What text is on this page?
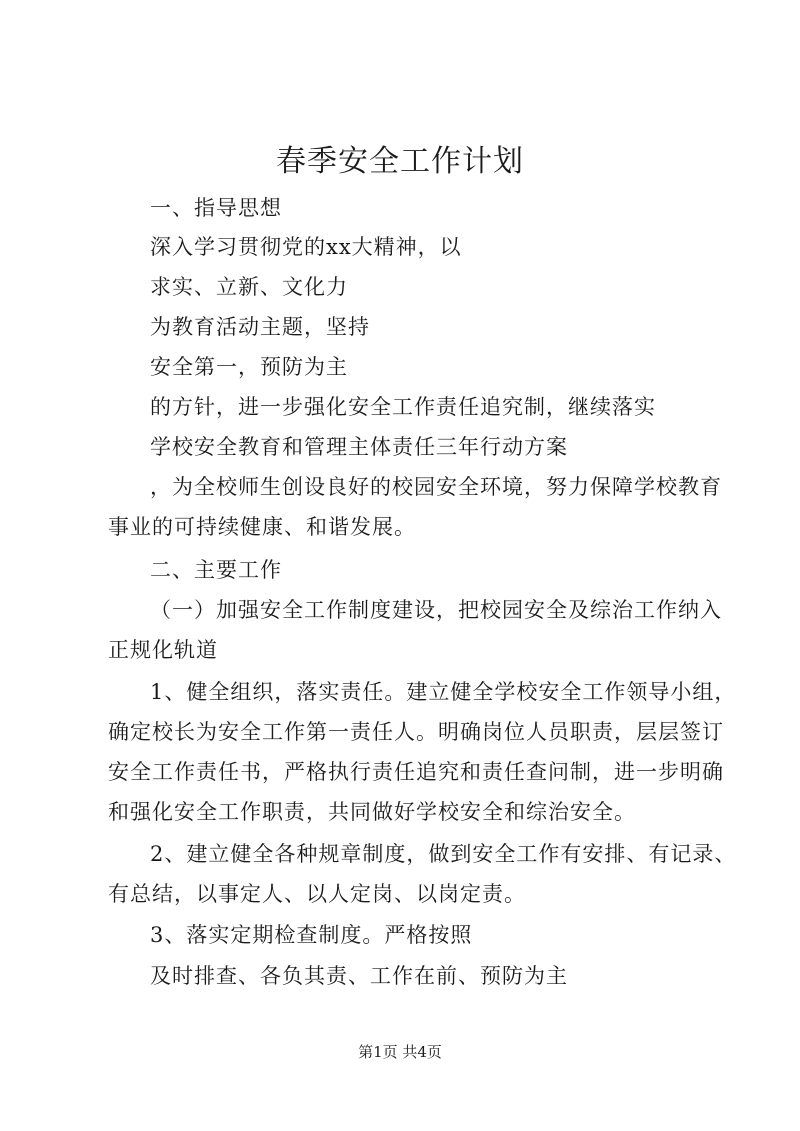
春季安全工作计划
一、指导思想
深入学习贯彻党的xx大精神，以
求实、立新、文化力
为教育活动主题，坚持
安全第一，预防为主
的方针，进一步强化安全工作责任追究制，继续落实
学校安全教育和管理主体责任三年行动方案
，为全校师生创设良好的校园安全环境，努力保障学校教育
事业的可持续健康、和谐发展。
二、主要工作
（一）加强安全工作制度建设，把校园安全及综治工作纳入
正规化轨道
1、健全组织，落实责任。建立健全学校安全工作领导小组，
确定校长为安全工作第一责任人。明确岗位人员职责，层层签订
安全工作责任书，严格执行责任追究和责任查问制，进一步明确
和强化安全工作职责，共同做好学校安全和综治安全。
2、建立健全各种规章制度，做到安全工作有安排、有记录、
有总结，以事定人、以人定岗、以岗定责。
3、落实定期检查制度。严格按照
及时排查、各负其责、工作在前、预防为主
第1页 共4页
